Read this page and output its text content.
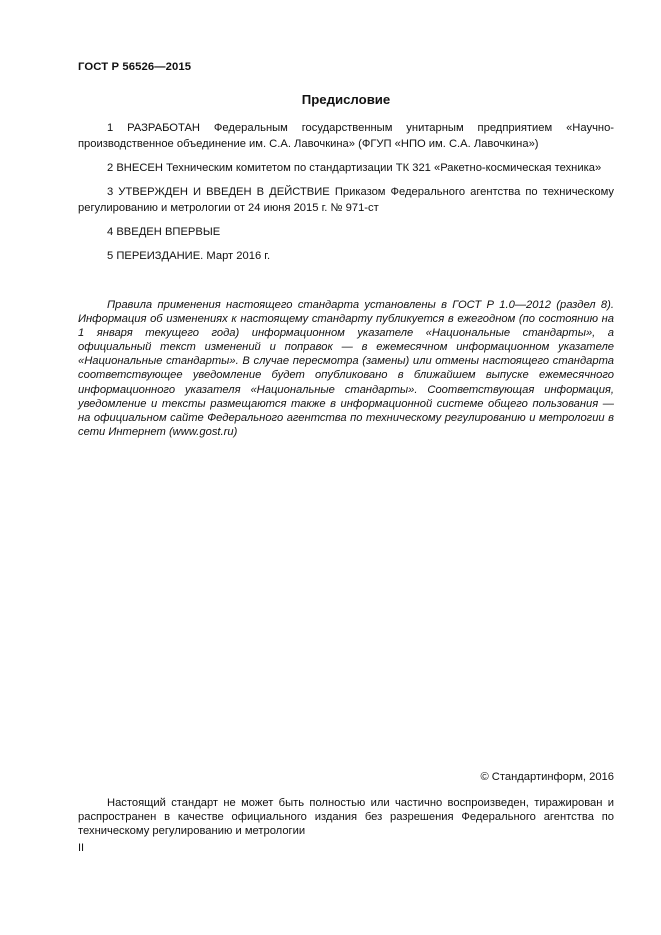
ГОСТ Р 56526—2015
Предисловие
1 РАЗРАБОТАН Федеральным государственным унитарным предприятием «Научно-производственное объединение им. С.А. Лавочкина» (ФГУП «НПО им. С.А. Лавочкина»)
2 ВНЕСЕН Техническим комитетом по стандартизации ТК 321 «Ракетно-космическая техника»
3 УТВЕРЖДЕН И ВВЕДЕН В ДЕЙСТВИЕ Приказом Федерального агентства по техническому регулированию и метрологии от 24 июня 2015 г. № 971-ст
4 ВВЕДЕН ВПЕРВЫЕ
5 ПЕРЕИЗДАНИЕ. Март 2016 г.
Правила применения настоящего стандарта установлены в ГОСТ Р 1.0—2012 (раздел 8). Информация об изменениях к настоящему стандарту публикуется в ежегодном (по состоянию на 1 января текущего года) информационном указателе «Национальные стандарты», а официальный текст изменений и поправок — в ежемесячном информационном указателе «Национальные стандарты». В случае пересмотра (замены) или отмены настоящего стандарта соответствующее уведомление будет опубликовано в ближайшем выпуске ежемесячного информационного указателя «Национальные стандарты». Соответствующая информация, уведомление и тексты размещаются также в информационной системе общего пользования — на официальном сайте Федерального агентства по техническому регулированию и метрологии в сети Интернет (www.gost.ru)
© Стандартинформ, 2016
Настоящий стандарт не может быть полностью или частично воспроизведен, тиражирован и распространен в качестве официального издания без разрешения Федерального агентства по техническому регулированию и метрологии
II
